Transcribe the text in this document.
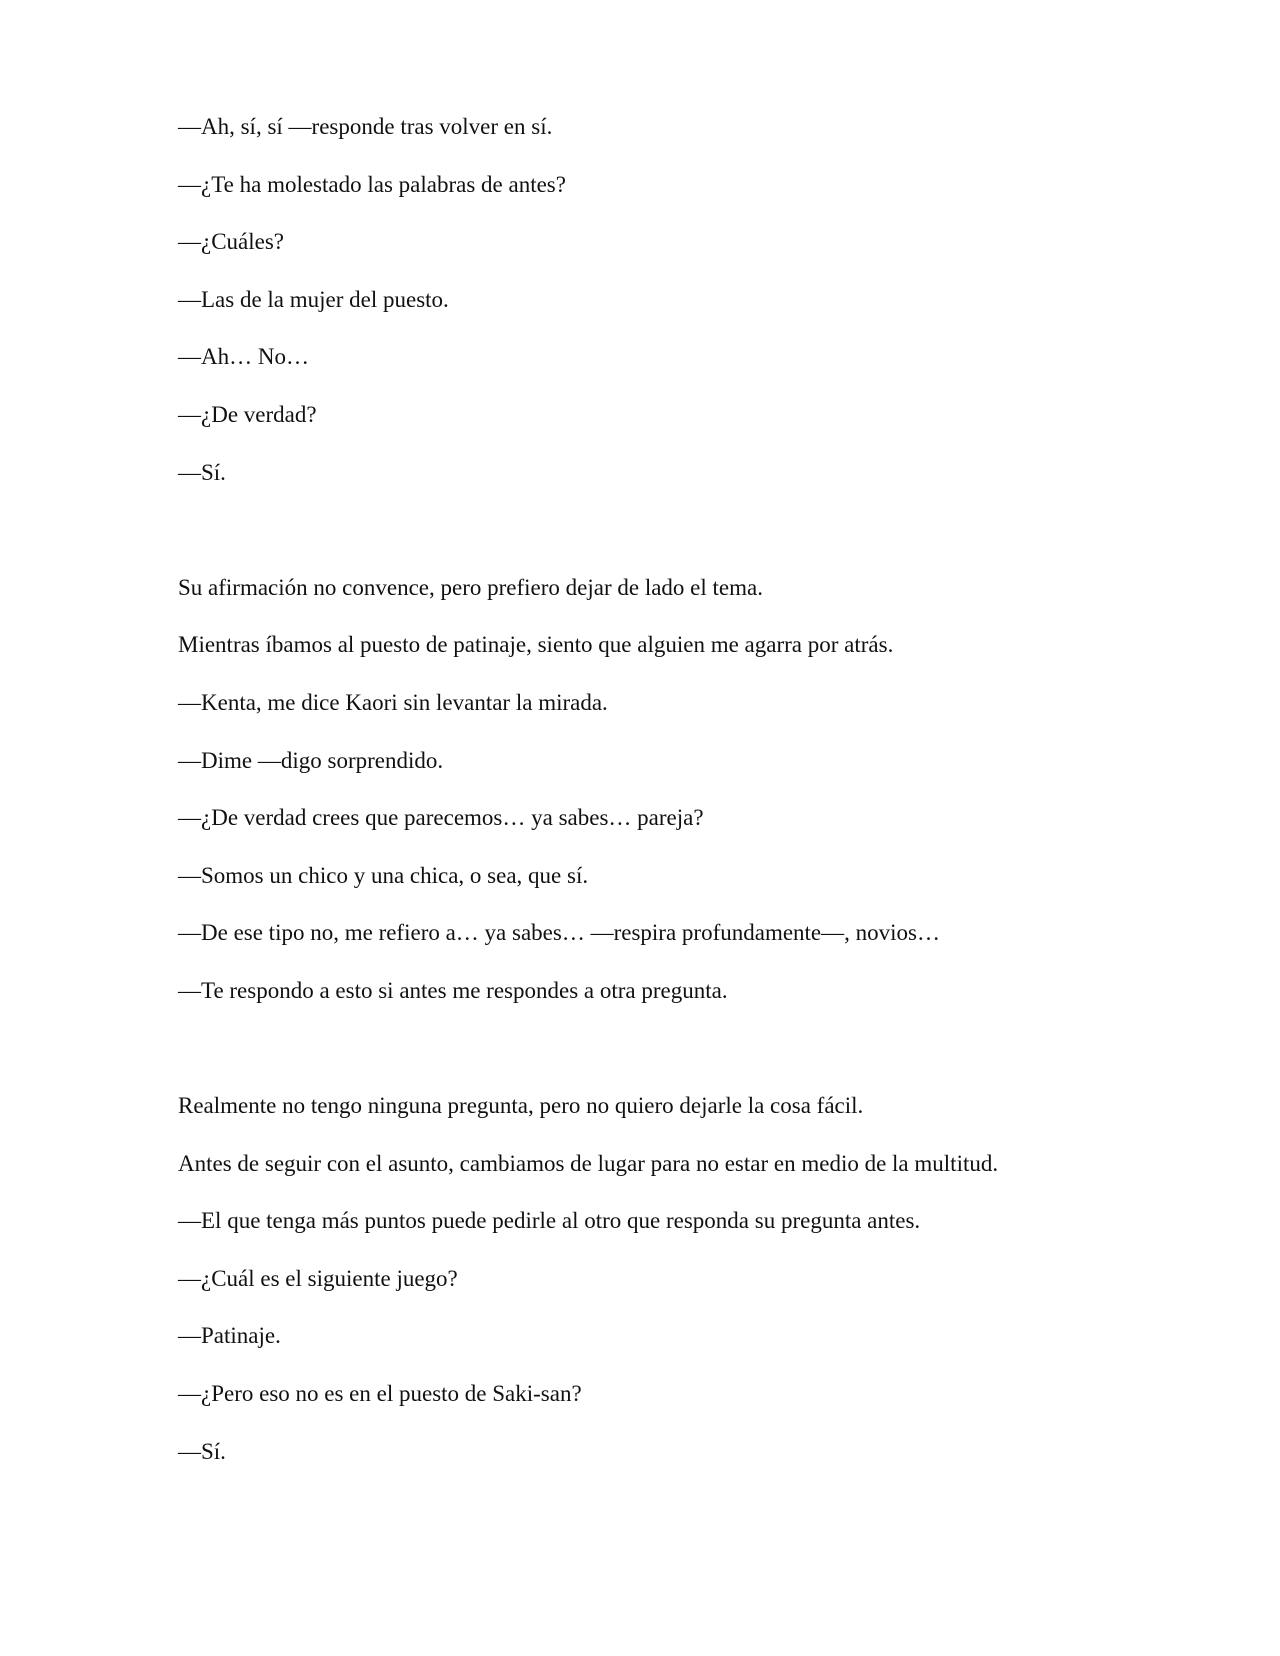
—Ah, sí, sí —responde tras volver en sí.

—¿Te ha molestado las palabras de antes?

—¿Cuáles?

—Las de la mujer del puesto.

—Ah… No…

—¿De verdad?

—Sí.

Su afirmación no convence, pero prefiero dejar de lado el tema.

Mientras íbamos al puesto de patinaje, siento que alguien me agarra por atrás.

—Kenta, me dice Kaori sin levantar la mirada.

—Dime —digo sorprendido.

—¿De verdad crees que parecemos… ya sabes… pareja?

—Somos un chico y una chica, o sea, que sí.

—De ese tipo no, me refiero a… ya sabes… —respira profundamente—, novios…

—Te respondo a esto si antes me respondes a otra pregunta.

Realmente no tengo ninguna pregunta, pero no quiero dejarle la cosa fácil.

Antes de seguir con el asunto, cambiamos de lugar para no estar en medio de la multitud.

—El que tenga más puntos puede pedirle al otro que responda su pregunta antes.

—¿Cuál es el siguiente juego?

—Patinaje.

—¿Pero eso no es en el puesto de Saki-san?

—Sí.
